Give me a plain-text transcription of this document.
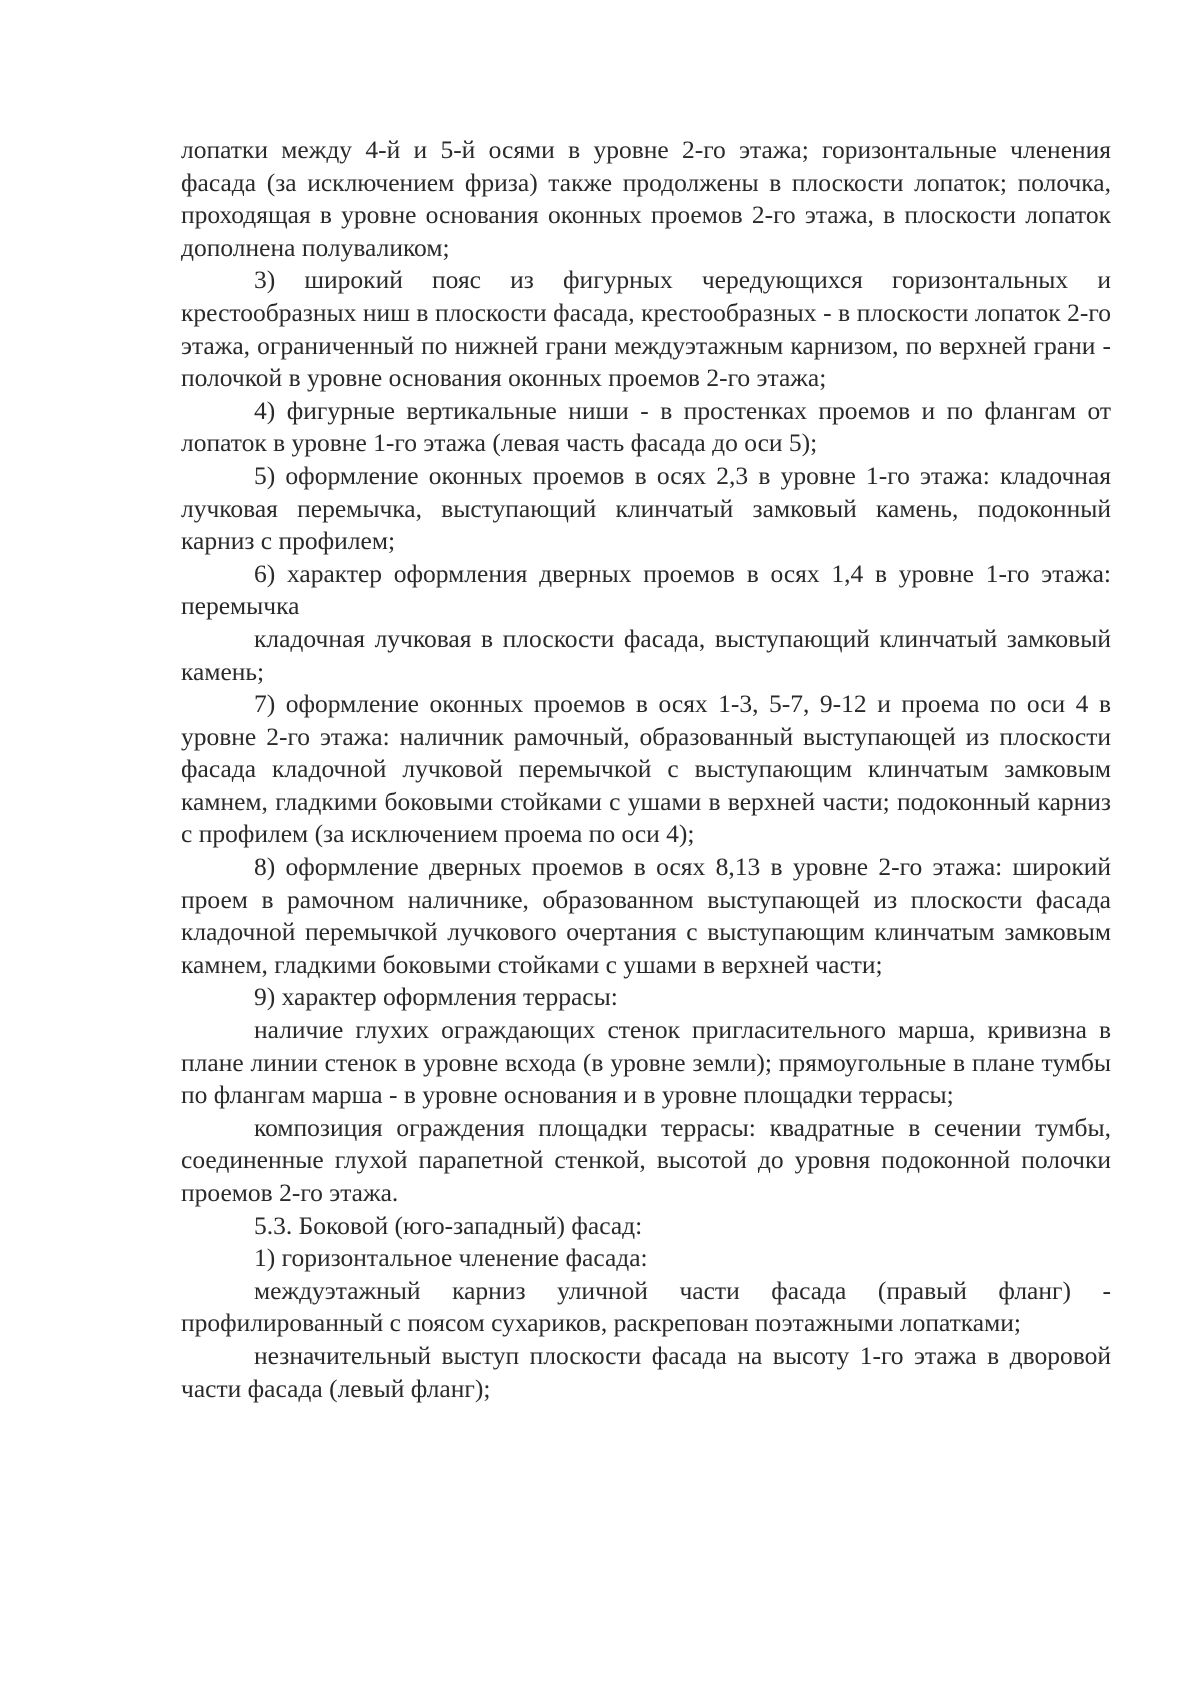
лопатки между 4-й и 5-й осями в уровне 2-го этажа; горизонтальные членения фасада (за исключением фриза) также продолжены в плоскости лопаток; полочка, проходящая в уровне основания оконных проемов 2-го этажа, в плоскости лопаток дополнена полуваликом;

3) широкий пояс из фигурных чередующихся горизонтальных и крестообразных ниш в плоскости фасада, крестообразных - в плоскости лопаток 2-го этажа, ограниченный по нижней грани междуэтажным карнизом, по верхней грани - полочкой в уровне основания оконных проемов 2-го этажа;

4) фигурные вертикальные ниши - в простенках проемов и по флангам от лопаток в уровне 1-го этажа (левая часть фасада до оси 5);

5) оформление оконных проемов в осях 2,3 в уровне 1-го этажа: кладочная лучковая перемычка, выступающий клинчатый замковый камень, подоконный карниз с профилем;

6) характер оформления дверных проемов в осях 1,4 в уровне 1-го этажа: перемычка

кладочная лучковая в плоскости фасада, выступающий клинчатый замковый камень;

7) оформление оконных проемов в осях 1-3, 5-7, 9-12 и проема по оси 4 в уровне 2-го этажа: наличник рамочный, образованный выступающей из плоскости фасада кладочной лучковой перемычкой с выступающим клинчатым замковым камнем, гладкими боковыми стойками с ушами в верхней части; подоконный карниз с профилем (за исключением проема по оси 4);

8) оформление дверных проемов в осях 8,13 в уровне 2-го этажа: широкий проем в рамочном наличнике, образованном выступающей из плоскости фасада кладочной перемычкой лучкового очертания с выступающим клинчатым замковым камнем, гладкими боковыми стойками с ушами в верхней части;

9) характер оформления террасы:

наличие глухих ограждающих стенок пригласительного марша, кривизна в плане линии стенок в уровне всхода (в уровне земли); прямоугольные в плане тумбы по флангам марша - в уровне основания и в уровне площадки террасы;

композиция ограждения площадки террасы: квадратные в сечении тумбы, соединенные глухой парапетной стенкой, высотой до уровня подоконной полочки проемов 2-го этажа.

5.3. Боковой (юго-западный) фасад:

1) горизонтальное членение фасада:

междуэтажный карниз уличной части фасада (правый фланг) - профилированный с поясом сухариков, раскрепован поэтажными лопатками;

незначительный выступ плоскости фасада на высоту 1-го этажа в дворовой части фасада (левый фланг);
